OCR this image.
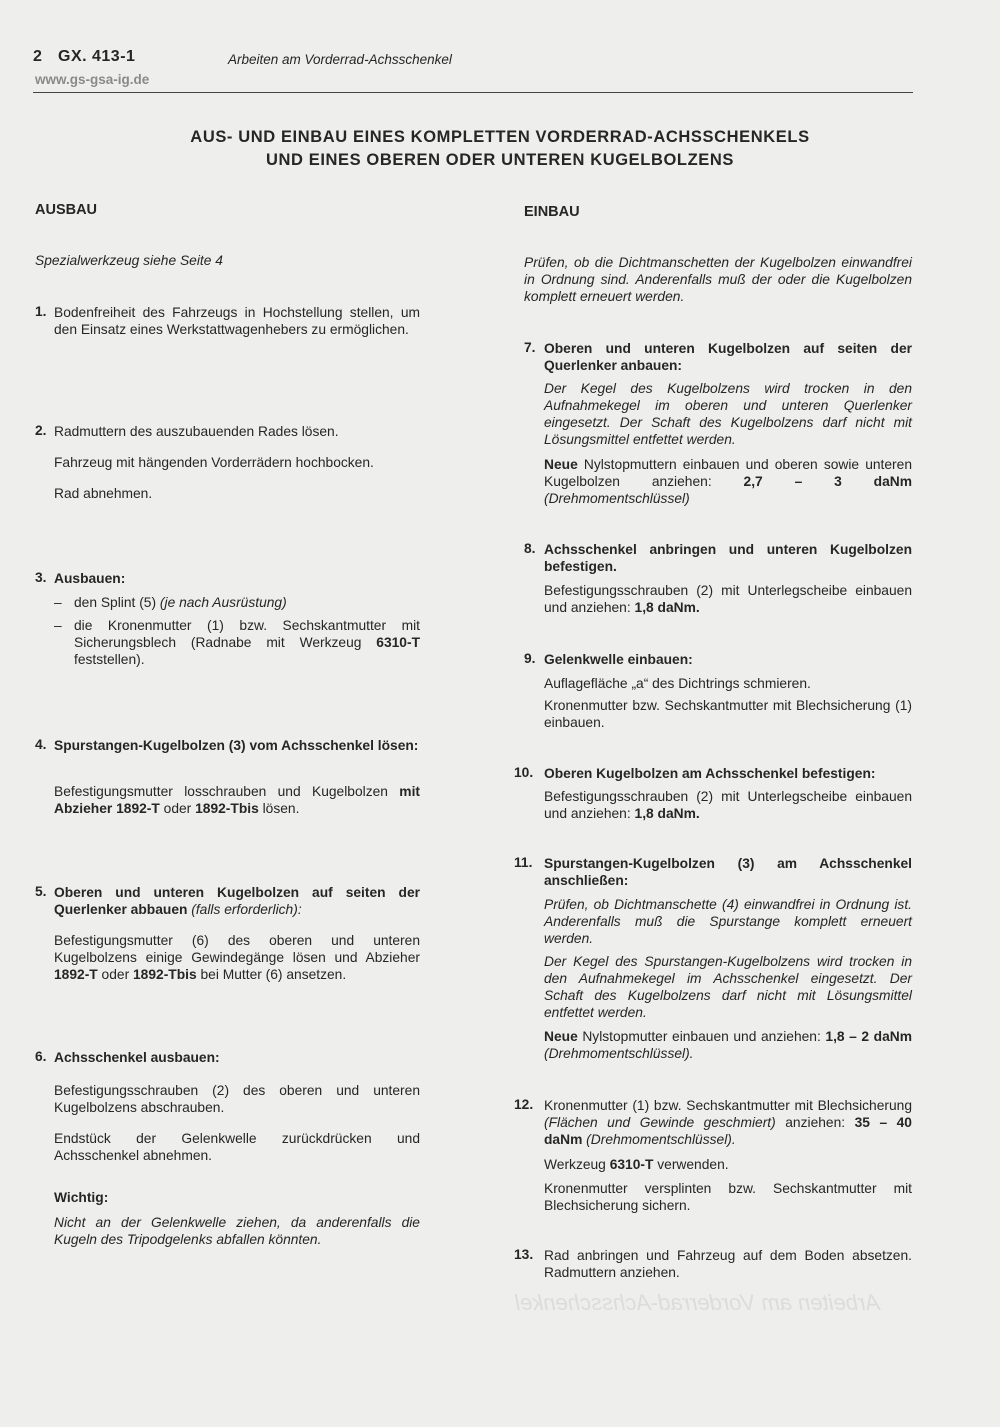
2 GX. 413-1	Arbeiten am Vorderrad-Achsschenkel
www.gs-gsa-ig.de
Arbeiten am Vorderrad-Achsschenkel
AUS- UND EINBAU EINES KOMPLETTEN VORDERRAD-ACHSSCHENKELS
UND EINES OBEREN ODER UNTEREN KUGELBOLZENS
AUSBAU
Spezialwerkzeug siehe Seite 4
1. Bodenfreiheit des Fahrzeugs in Hochstellung stellen, um den Einsatz eines Werkstattwagenhebers zu ermöglichen.
2. Radmuttern des auszubauenden Rades lösen.
Fahrzeug mit hängenden Vorderrädern hochbocken.
Rad abnehmen.
3. Ausbauen:
– den Splint (5) (je nach Ausrüstung)
– die Kronenmutter (1) bzw. Sechskantmutter mit Sicherungsblech (Radnabe mit Werkzeug 6310-T feststellen).
4. Spurstangen-Kugelbolzen (3) vom Achsschenkel lösen:
Befestigungsmutter losschrauben und Kugelbolzen mit Abzieher 1892-T oder 1892-Tbis lösen.
5. Oberen und unteren Kugelbolzen auf seiten der Querlenker abbauen (falls erforderlich):
Befestigungsmutter (6) des oberen und unteren Kugelbolzens einige Gewindegänge lösen und Abzieher 1892-T oder 1892-Tbis bei Mutter (6) ansetzen.
6. Achsschenkel ausbauen:
Befestigungsschrauben (2) des oberen und unteren Kugelbolzens abschrauben.
Endstück der Gelenkwelle zurückdrücken und Achsschenkel abnehmen.
Wichtig:
Nicht an der Gelenkwelle ziehen, da anderenfalls die Kugeln des Tripodgelenks abfallen könnten.
EINBAU
Prüfen, ob die Dichtmanschetten der Kugelbolzen einwandfrei in Ordnung sind. Anderenfalls muß der oder die Kugelbolzen komplett erneuert werden.
7. Oberen und unteren Kugelbolzen auf seiten der Querlenker anbauen:
Der Kegel des Kugelbolzens wird trocken in den Aufnahmekegel im oberen und unteren Querlenker eingesetzt. Der Schaft des Kugelbolzens darf nicht mit Lösungsmittel entfettet werden.
Neue Nylstopmuttern einbauen und oberen sowie unteren Kugelbolzen anziehen: 2,7 – 3 daNm (Drehmomentschlüssel)
8. Achsschenkel anbringen und unteren Kugelbolzen befestigen.
Befestigungsschrauben (2) mit Unterlegscheibe einbauen und anziehen: 1,8 daNm.
9. Gelenkwelle einbauen:
Auflagefläche „a“ des Dichtrings schmieren.
Kronenmutter bzw. Sechskantmutter mit Blechsicherung (1) einbauen.
10. Oberen Kugelbolzen am Achsschenkel befestigen:
Befestigungsschrauben (2) mit Unterlegscheibe einbauen und anziehen: 1,8 daNm.
11. Spurstangen-Kugelbolzen (3) am Achsschenkel anschließen:
Prüfen, ob Dichtmanschette (4) einwandfrei in Ordnung ist. Anderenfalls muß die Spurstange komplett erneuert werden.
Der Kegel des Spurstangen-Kugelbolzens wird trocken in den Aufnahmekegel im Achsschenkel eingesetzt. Der Schaft des Kugelbolzens darf nicht mit Lösungsmittel entfettet werden.
Neue Nylstopmutter einbauen und anziehen: 1,8 – 2 daNm (Drehmomentschlüssel).
12. Kronenmutter (1) bzw. Sechskantmutter mit Blechsicherung (Flächen und Gewinde geschmiert) anziehen: 35 – 40 daNm (Drehmomentschlüssel).
Werkzeug 6310-T verwenden.
Kronenmutter versplinten bzw. Sechskantmutter mit Blechsicherung sichern.
13. Rad anbringen und Fahrzeug auf dem Boden absetzen. Radmuttern anziehen.
